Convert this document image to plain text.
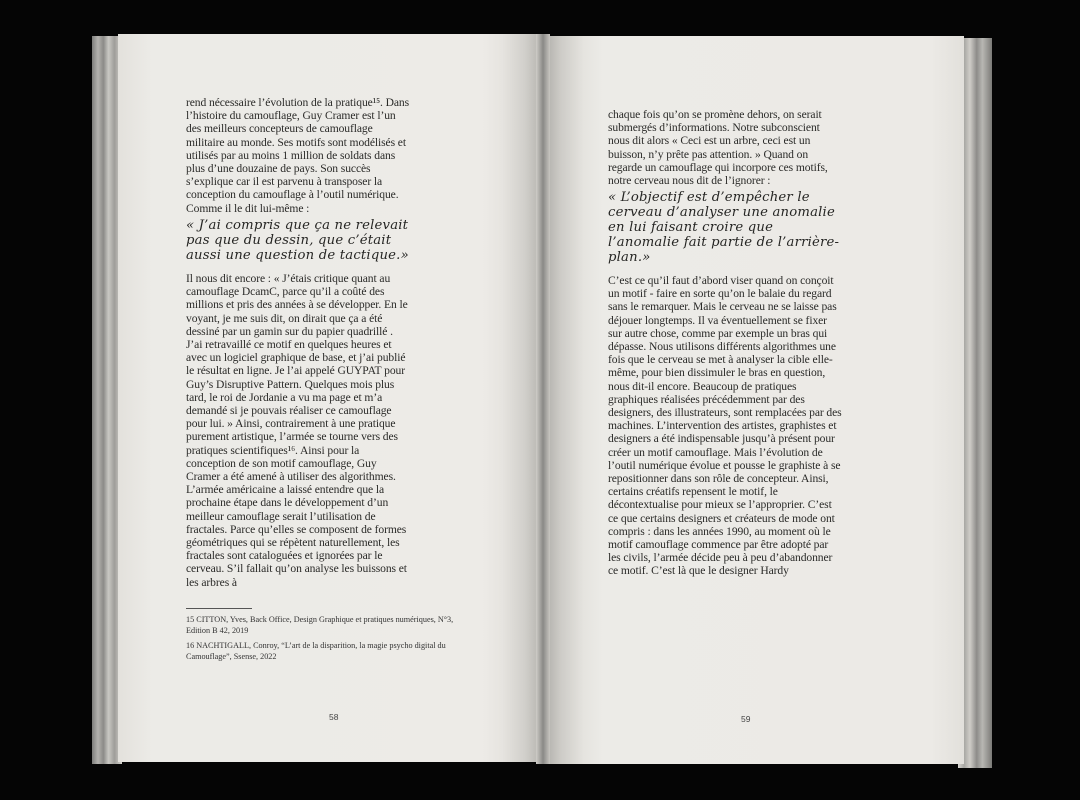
rend nécessaire l’évolution de la pratique¹⁵. Dans l’histoire du camouflage, Guy Cramer est l’un des meilleurs concepteurs de camouflage militaire au monde. Ses motifs sont modélisés et utilisés par au moins 1 million de soldats dans plus d’une douzaine de pays. Son succès s’explique car il est parvenu à transposer la conception du camouflage à l’outil numérique. Comme il le dit lui-même :

« J’ai compris que ça ne relevait pas que du dessin, que c’était aussi une question de tactique.»

Il nous dit encore : « J’étais critique quant au camouflage DcamC, parce qu’il a coûté des millions et pris des années à se développer. En le voyant, je me suis dit, on dirait que ça a été dessiné par un gamin sur du papier quadrillé . J’ai retravaillé ce motif en quelques heures et avec un logiciel graphique de base, et j’ai publié le résultat en ligne. Je l’ai appelé GUYPAT pour Guy’s Disruptive Pattern. Quelques mois plus tard, le roi de Jordanie a vu ma page et m’a demandé si je pouvais réaliser ce camouflage pour lui. » Ainsi, contrairement à une pratique purement artistique, l’armée se tourne vers des pratiques scientifiques¹⁶. Ainsi pour la conception de son motif camouflage, Guy Cramer a été amené à utiliser des algorithmes. L’armée américaine a laissé entendre que la prochaine étape dans le développement d’un meilleur camouflage serait l’utilisation de fractales. Parce qu’elles se composent de formes géométriques qui se répètent naturellement, les fractales sont cataloguées et ignorées par le cerveau. S’il fallait qu’on analyse les buissons et les arbres à

15 CITTON, Yves, Back Office, Design Graphique et pratiques numériques, N°3, Edition B 42, 2019

16 NACHTIGALL, Conroy, “L’art de la disparition, la magie psycho digital du Camouflage”, Ssense, 2022

58

chaque fois qu’on se promène dehors, on serait submergés d’informations. Notre subconscient nous dit alors « Ceci est un arbre, ceci est un buisson, n’y prête pas attention. » Quand on regarde un camouflage qui incorpore ces motifs, notre cerveau nous dit de l’ignorer :

« L’objectif est d’empêcher le cerveau d’analyser une anomalie en lui faisant croire que l’anomalie fait partie de l’arrière-plan.»

C’est ce qu’il faut d’abord viser quand on conçoit un motif - faire en sorte qu’on le balaie du regard sans le remarquer. Mais le cerveau ne se laisse pas déjouer longtemps. Il va éventuellement se fixer sur autre chose, comme par exemple un bras qui dépasse. Nous utilisons différents algorithmes une fois que le cerveau se met à analyser la cible elle-même, pour bien dissimuler le bras en question, nous dit-il encore. Beaucoup de pratiques graphiques réalisées précédemment par des designers, des illustrateurs, sont remplacées par des machines. L’intervention des artistes, graphistes et designers a été indispensable jusqu’à présent pour créer un motif camouflage. Mais l’évolution de l’outil numérique évolue et pousse le graphiste à se repositionner dans son rôle de concepteur. Ainsi, certains créatifs repensent le motif, le décontextualise pour mieux se l’approprier. C’est ce que certains designers et créateurs de mode ont compris : dans les années 1990, au moment où le motif camouflage commence par être adopté par les civils, l’armée décide peu à peu d’abandonner ce motif. C’est là que le designer Hardy

59
